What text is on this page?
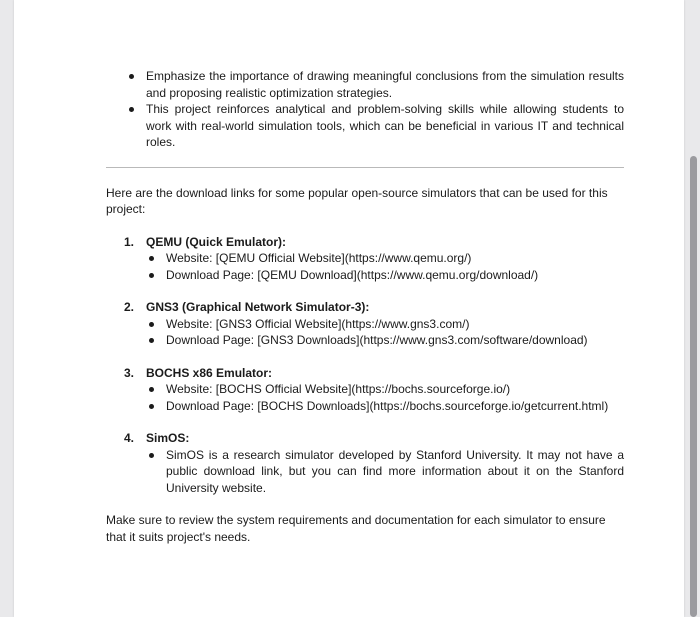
Emphasize the importance of drawing meaningful conclusions from the simulation results and proposing realistic optimization strategies.
This project reinforces analytical and problem-solving skills while allowing students to work with real-world simulation tools, which can be beneficial in various IT and technical roles.

Here are the download links for some popular open-source simulators that can be used for this project:

1. QEMU (Quick Emulator):
Website: [QEMU Official Website](https://www.qemu.org/)
Download Page: [QEMU Download](https://www.qemu.org/download/)
2. GNS3 (Graphical Network Simulator-3):
Website: [GNS3 Official Website](https://www.gns3.com/)
Download Page: [GNS3 Downloads](https://www.gns3.com/software/download)
3. BOCHS x86 Emulator:
Website: [BOCHS Official Website](https://bochs.sourceforge.io/)
Download Page: [BOCHS Downloads](https://bochs.sourceforge.io/getcurrent.html)
4. SimOS:
SimOS is a research simulator developed by Stanford University. It may not have a public download link, but you can find more information about it on the Stanford University website.

Make sure to review the system requirements and documentation for each simulator to ensure that it suits project's needs.
